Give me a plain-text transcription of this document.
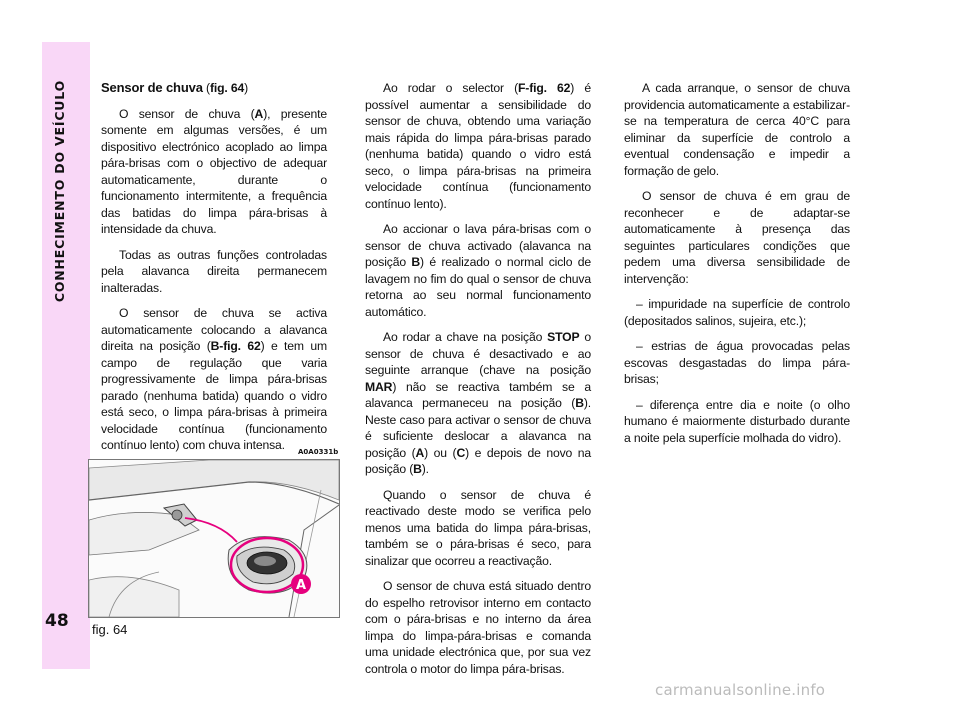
CONHECIMENTO DO VEÍCULO
48

Sensor de chuva (fig. 64)

O sensor de chuva (A), presente somente em algumas versões, é um dispositivo electrónico acoplado ao limpa pára-brisas com o objectivo de adequar automaticamente, durante o funcionamento intermitente, a frequência das batidas do limpa pára-brisas à intensidade da chuva.

Todas as outras funções controladas pela alavanca direita permanecem inalteradas.

O sensor de chuva se activa automaticamente colocando a alavanca direita na posição (B-fig. 62) e tem um campo de regulação que varia progressivamente de limpa pára-brisas parado (nenhuma batida) quando o vidro está seco, o limpa pára-brisas à primeira velocidade contínua (funcionamento contínuo lento) com chuva intensa.

Ao rodar o selector (F-fig. 62) é possível aumentar a sensibilidade do sensor de chuva, obtendo uma variação mais rápida do limpa pára-brisas parado (nenhuma batida) quando o vidro está seco, o limpa pára-brisas na primeira velocidade contínua (funcionamento contínuo lento).

Ao accionar o lava pára-brisas com o sensor de chuva activado (alavanca na posição B) é realizado o normal ciclo de lavagem no fim do qual o sensor de chuva retorna ao seu normal funcionamento automático.

Ao rodar a chave na posição STOP o sensor de chuva é desactivado e ao seguinte arranque (chave na posição MAR) não se reactiva também se a alavanca permaneceu na posição (B). Neste caso para activar o sensor de chuva é suficiente deslocar a alavanca na posição (A) ou (C) e depois de novo na posição (B).

Quando o sensor de chuva é reactivado deste modo se verifica pelo menos uma batida do limpa pára-brisas, também se o pára-brisas é seco, para sinalizar que ocorreu a reactivação.

O sensor de chuva está situado dentro do espelho retrovisor interno em contacto com o pára-brisas e no interno da área limpa do limpa-pára-brisas e comanda uma unidade electrónica que, por sua vez controla o motor do limpa pára-brisas.

A cada arranque, o sensor de chuva providencia automaticamente a estabilizar-se na temperatura de cerca 40°C para eliminar da superfície de controlo a eventual condensação e impedir a formação de gelo.

O sensor de chuva é em grau de reconhecer e de adaptar-se automaticamente à presença das seguintes particulares condições que pedem uma diversa sensibilidade de intervenção:

– impuridade na superfície de controlo (depositados salinos, sujeira, etc.);

– estrias de água provocadas pelas escovas desgastadas do limpa pára-brisas;

– diferença entre dia e noite (o olho humano é maiormente disturbado durante a noite pela superfície molhada do vidro).

A0A0331b
A
fig. 64
carmanualsonline.info
